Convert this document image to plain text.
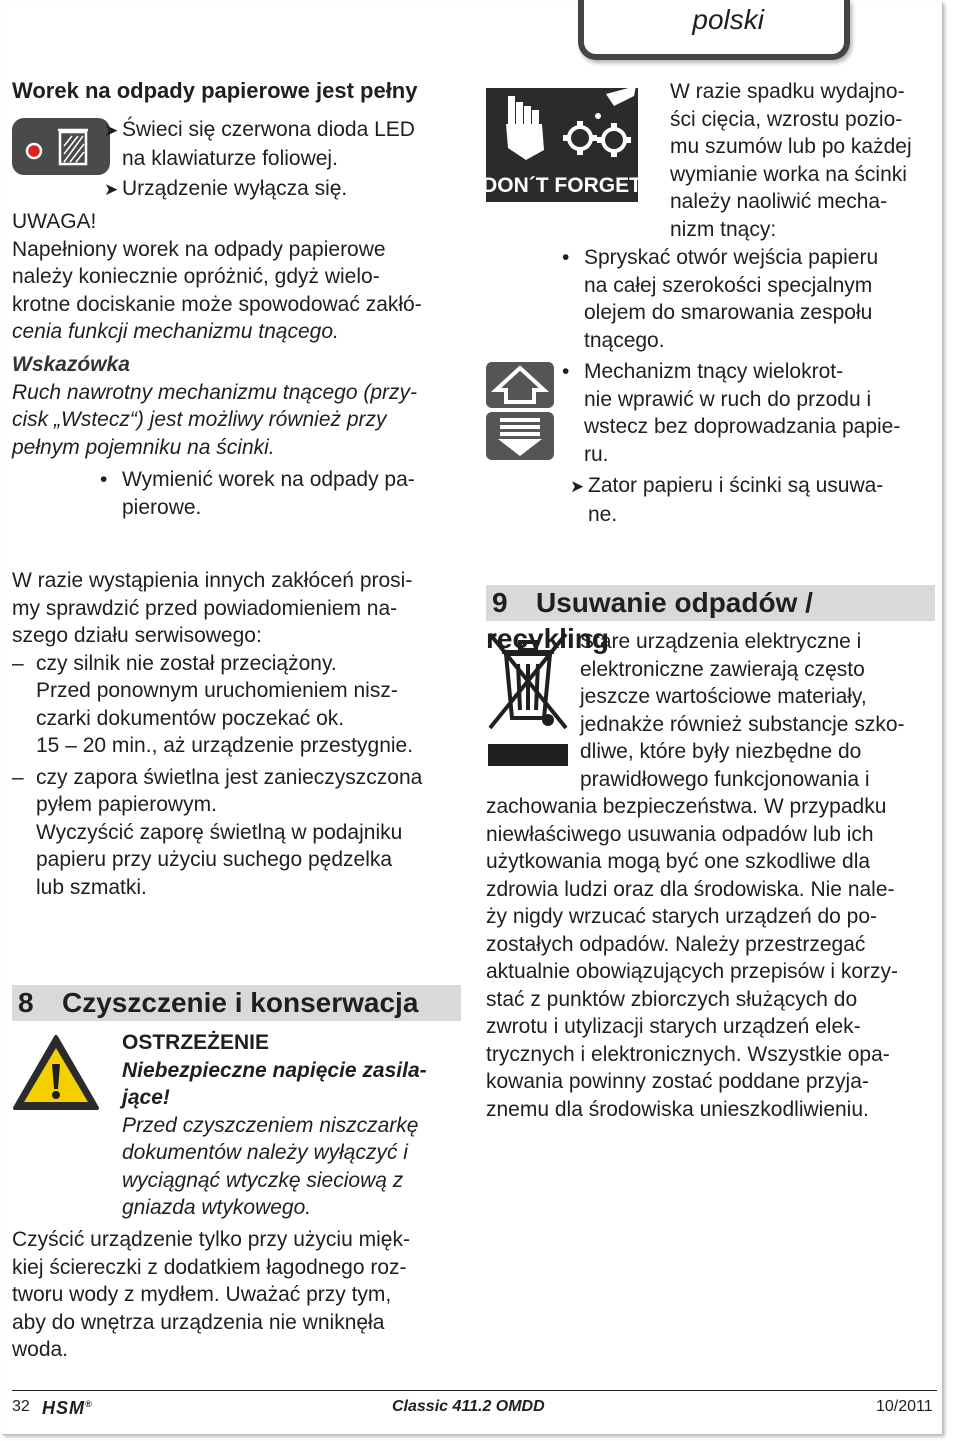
polski
Worek na odpady papierowe jest pełny
➤ Świeci się czerwona dioda LED
na klawiaturze foliowej.
➤ Urządzenie wyłącza się.
UWAGA!
Napełniony worek na odpady papierowe
należy koniecznie opróżnić, gdyż wielo-
krotne dociskanie może spowodować zakłó-
cenia funkcji mechanizmu tnącego.
Wskazówka
Ruch nawrotny mechanizmu tnącego (przy-
cisk „Wstecz“) jest możliwy również przy
pełnym pojemniku na ścinki.
• Wymienić worek na odpady pa-
pierowe.
DON´T FORGET
W razie spadku wydajno-
ści cięcia, wzrostu pozio-
mu szumów lub po każdej
wymianie worka na ścinki
należy naoliwić mecha-
nizm tnący:
• Spryskać otwór wejścia papieru
na całej szerokości specjalnym
olejem do smarowania zespołu
tnącego.
• Mechanizm tnący wielokrot-
nie wprawić w ruch do przodu i
wstecz bez doprowadzania papie-
ru.
➤ Zator papieru i ścinki są usuwa-
ne.
W razie wystąpienia innych zakłóceń prosi-
my sprawdzić przed powiadomieniem na-
szego działu serwisowego:
– czy silnik nie został przeciążony.
Przed ponownym uruchomieniem nisz-
czarki dokumentów poczekać ok.
15 – 20 min., aż urządzenie przestygnie.
– czy zapora świetlna jest zanieczyszczona
pyłem papierowym.
Wyczyścić zaporę świetlną w podajniku
papieru przy użyciu suchego pędzelka
lub szmatki.
8 Czyszczenie i konserwacja
OSTRZEŻENIE
Niebezpieczne napięcie zasila-
jące!
Przed czyszczeniem niszczarkę
dokumentów należy wyłączyć i
wyciągnąć wtyczkę sieciową z
gniazda wtykowego.
Czyścić urządzenie tylko przy użyciu mięk-
kiej ściereczki z dodatkiem łagodnego roz-
tworu wody z mydłem. Uważać przy tym,
aby do wnętrza urządzenia nie wniknęła
woda.
9 Usuwanie odpadów / recykling
Stare urządzenia elektryczne i
elektroniczne zawierają często
jeszcze wartościowe materiały,
jednakże również substancje szko-
dliwe, które były niezbędne do
prawidłowego funkcjonowania i
zachowania bezpieczeństwa. W przypadku
niewłaściwego usuwania odpadów lub ich
użytkowania mogą być one szkodliwe dla
zdrowia ludzi oraz dla środowiska. Nie nale-
ży nigdy wrzucać starych urządzeń do po-
zostałych odpadów. Należy przestrzegać
aktualnie obowiązujących przepisów i korzy-
stać z punktów zbiorczych służących do
zwrotu i utylizacji starych urządzeń elek-
trycznych i elektronicznych. Wszystkie opa-
kowania powinny zostać poddane przyja-
znemu dla środowiska unieszkodliwieniu.
32 HSM®	Classic 411.2 OMDD	10/2011
